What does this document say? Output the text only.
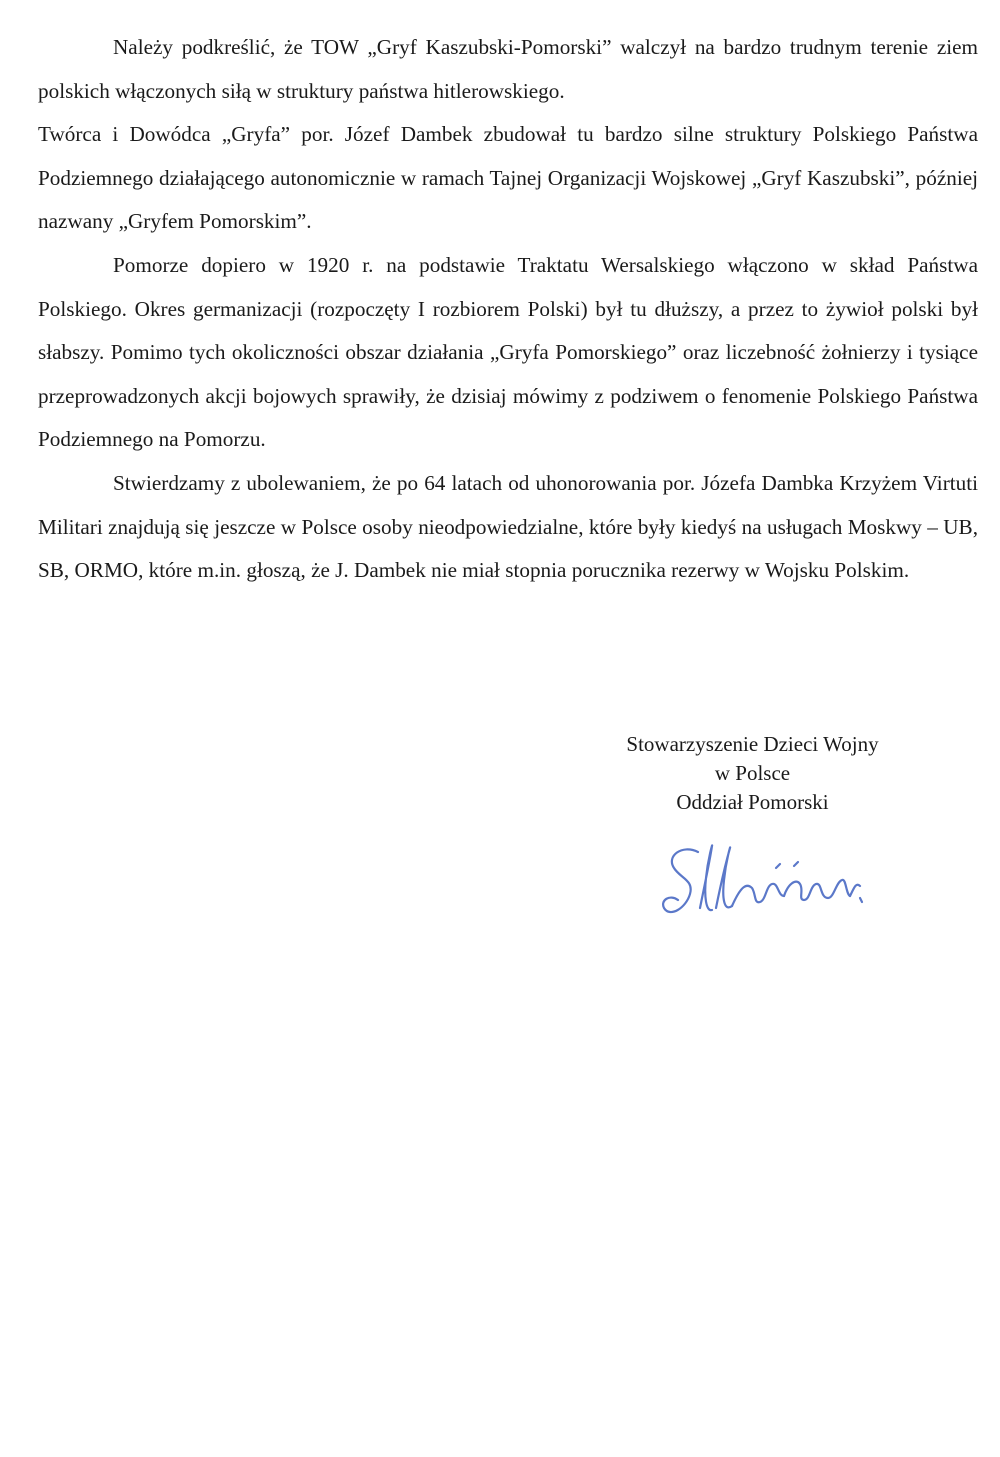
Należy podkreślić, że TOW „Gryf Kaszubski-Pomorski” walczył na bardzo trudnym terenie ziem polskich włączonych siłą w struktury państwa hitlerowskiego.

Twórca i Dowódca „Gryfa” por. Józef Dambek zbudował tu bardzo silne struktury Polskiego Państwa Podziemnego działającego autonomicznie w ramach Tajnej Organizacji Wojskowej „Gryf Kaszubski”, później nazwany „Gryfem Pomorskim”.

Pomorze dopiero w 1920 r. na podstawie Traktatu Wersalskiego włączono w skład Państwa Polskiego. Okres germanizacji (rozpoczęty I rozbiorem Polski) był tu dłuższy, a przez to żywioł polski był słabszy. Pomimo tych okoliczności obszar działania „Gryfa Pomorskiego” oraz liczebność żołnierzy i tysiące przeprowadzonych akcji bojowych sprawiły, że dzisiaj mówimy z podziwem o fenomenie Polskiego Państwa Podziemnego na Pomorzu.

Stwierdzamy z ubolewaniem, że po 64 latach od uhonorowania por. Józefa Dambka Krzyżem Virtuti Militari znajdują się jeszcze w Polsce osoby nieodpowiedzialne, które były kiedyś na usługach Moskwy – UB, SB, ORMO, które m.in. głoszą, że J. Dambek nie miał stopnia porucznika rezerwy w Wojsku Polskim.

Stowarzyszenie Dzieci Wojny
w Polsce
Oddział Pomorski
